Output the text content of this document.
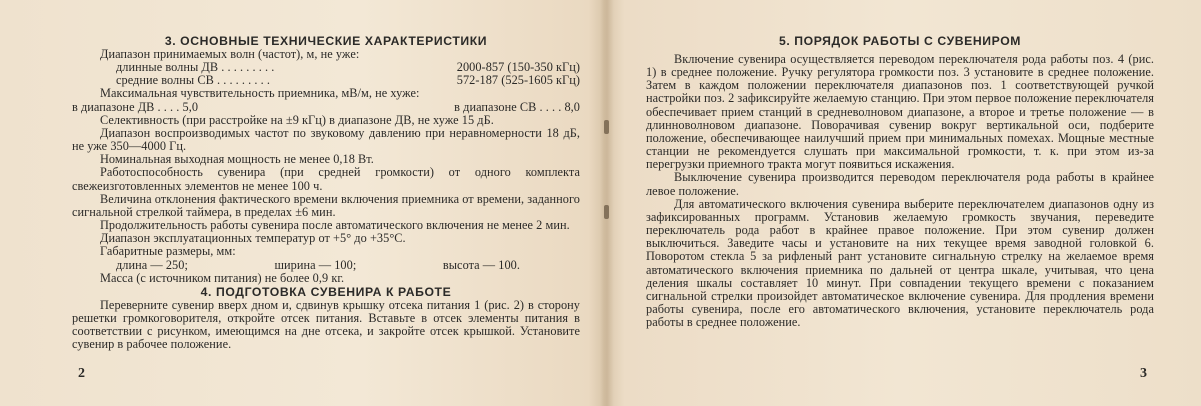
3. ОСНОВНЫЕ ТЕХНИЧЕСКИЕ ХАРАКТЕРИСТИКИ

Диапазон принимаемых волн (частот), м, не уже:

длинные волны ДВ . . . . . . . . .	2000-857 (150-350 кГц)
средние волны СВ . . . . . . . . .	572-187 (525-1605 кГц)

Максимальная чувствительность приемника, мВ/м, не хуже:

в диапазоне ДВ . . . . 5,0	в диапазоне СВ . . . . 8,0

Селективность (при расстройке на ±9 кГц) в диапазоне ДВ, не хуже 15 дБ.

Диапазон воспроизводимых частот по звуковому давлению при неравномерности 18 дБ, не уже 350—4000 Гц.

Номинальная выходная мощность не менее 0,18 Вт.

Работоспособность сувенира (при средней громкости) от одного комплекта свежеизготовленных элементов не менее 100 ч.

Величина отклонения фактического времени включения приемника от времени, заданного сигнальной стрелкой таймера, в пределах ±6 мин.

Продолжительность работы сувенира после автоматического включения не менее 2 мин.

Диапазон эксплуатационных температур от +5° до +35°С.

Габаритные размеры, мм:

длина — 250;	ширина — 100;	высота — 100.

Масса (с источником питания) не более 0,9 кг.

4. ПОДГОТОВКА СУВЕНИРА К РАБОТЕ

Переверните сувенир вверх дном и, сдвинув крышку отсека питания 1 (рис. 2) в сторону решетки громкоговорителя, откройте отсек питания. Вставьте в отсек элементы питания в соответствии с рисунком, имеющимся на дне отсека, и закройте отсек крышкой. Установите сувенир в рабочее положение.

2
5. ПОРЯДОК РАБОТЫ С СУВЕНИРОМ

Включение сувенира осуществляется переводом переключателя рода работы поз. 4 (рис. 1) в среднее положение. Ручку регулятора громкости поз. 3 установите в среднее положение. Затем в каждом положении переключателя диапазонов поз. 1 соответствующей ручкой настройки поз. 2 зафиксируйте желаемую станцию. При этом первое положение переключателя обеспечивает прием станций в средневолновом диапазоне, а второе и третье положение — в длинноволновом диапазоне. Поворачивая сувенир вокруг вертикальной оси, подберите положение, обеспечивающее наилучший прием при минимальных помехах. Мощные местные станции не рекомендуется слушать при максимальной громкости, т. к. при этом из-за перегрузки приемного тракта могут появиться искажения.

Выключение сувенира производится переводом переключателя рода работы в крайнее левое положение.

Для автоматического включения сувенира выберите переключателем диапазонов одну из зафиксированных программ. Установив желаемую громкость звучания, переведите переключатель рода работ в крайнее правое положение. При этом сувенир должен выключиться. Заведите часы и установите на них текущее время заводной головкой 6. Поворотом стекла 5 за рифленый рант установите сигнальную стрелку на желаемое время автоматического включения приемника по дальней от центра шкале, учитывая, что цена деления шкалы составляет 10 минут. При совпадении текущего времени с показанием сигнальной стрелки произойдет автоматическое включение сувенира. Для продления времени работы сувенира, после его автоматического включения, установите переключатель рода работы в среднее положение.

3
